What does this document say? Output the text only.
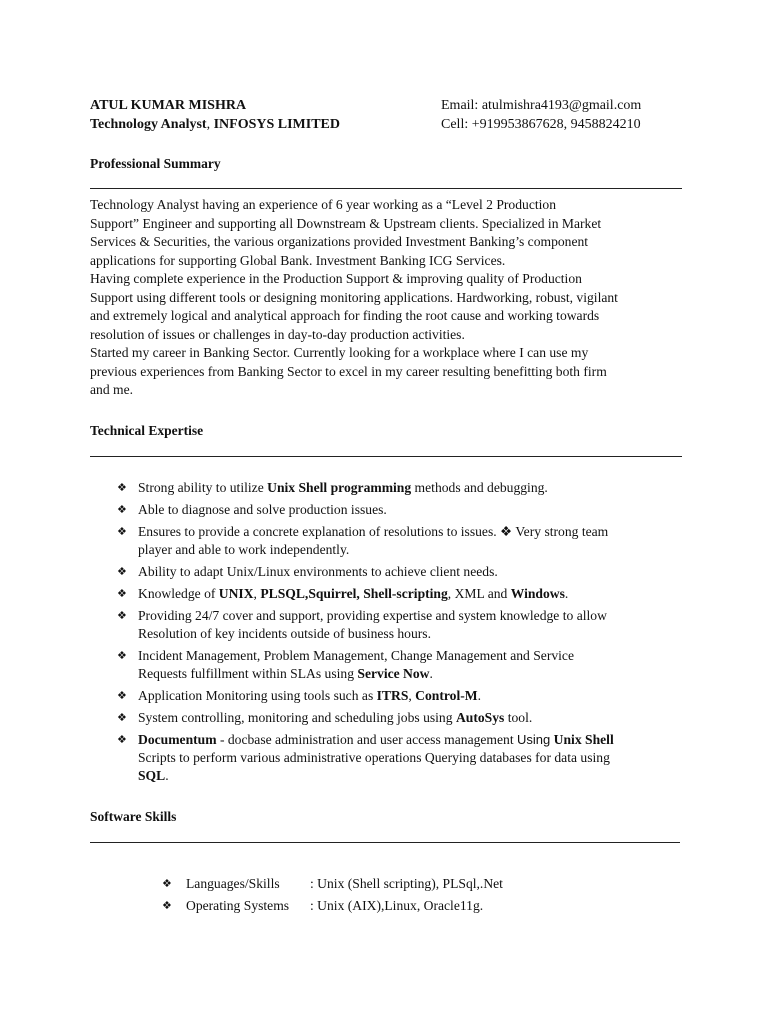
ATUL KUMAR MISHRA
Technology Analyst, INFOSYS LIMITED
Email: atulmishra4193@gmail.com
Cell: +919953867628, 9458824210
Professional Summary

Technology Analyst having an experience of 6 year working as a “Level 2 Production

Support” Engineer and supporting all Downstream & Upstream clients. Specialized in Market

Services & Securities, the various organizations provided Investment Banking’s component

applications for supporting Global Bank. Investment Banking ICG Services.

Having complete experience in the Production Support & improving quality of Production

Support using different tools or designing monitoring applications. Hardworking, robust, vigilant

and extremely logical and analytical approach for finding the root cause and working towards

resolution of issues or challenges in day-to-day production activities.

Started my career in Banking Sector. Currently looking for a workplace where I can use my

previous experiences from Banking Sector to excel in my career resulting benefitting both firm

and me.

Technical Expertise
❖ Strong ability to utilize Unix Shell programming methods and debugging.
❖ Able to diagnose and solve production issues.
❖ Ensures to provide a concrete explanation of resolutions to issues. ❖ Very strong team
player and able to work independently.
❖ Ability to adapt Unix/Linux environments to achieve client needs.
❖ Knowledge of UNIX, PLSQL,Squirrel, Shell-scripting, XML and Windows.
❖ Providing 24/7 cover and support, providing expertise and system knowledge to allow
Resolution of key incidents outside of business hours.
❖ Incident Management, Problem Management, Change Management and Service
Requests fulfillment within SLAs using Service Now.
❖ Application Monitoring using tools such as ITRS, Control-M.
❖ System controlling, monitoring and scheduling jobs using AutoSys tool.
❖ Documentum - docbase administration and user access management Using Unix Shell
Scripts to perform various administrative operations Querying databases for data using
SQL.
Software Skills
❖ Languages/Skills : Unix (Shell scripting), PLSql,.Net
❖ Operating Systems : Unix (AIX),Linux, Oracle11g.
